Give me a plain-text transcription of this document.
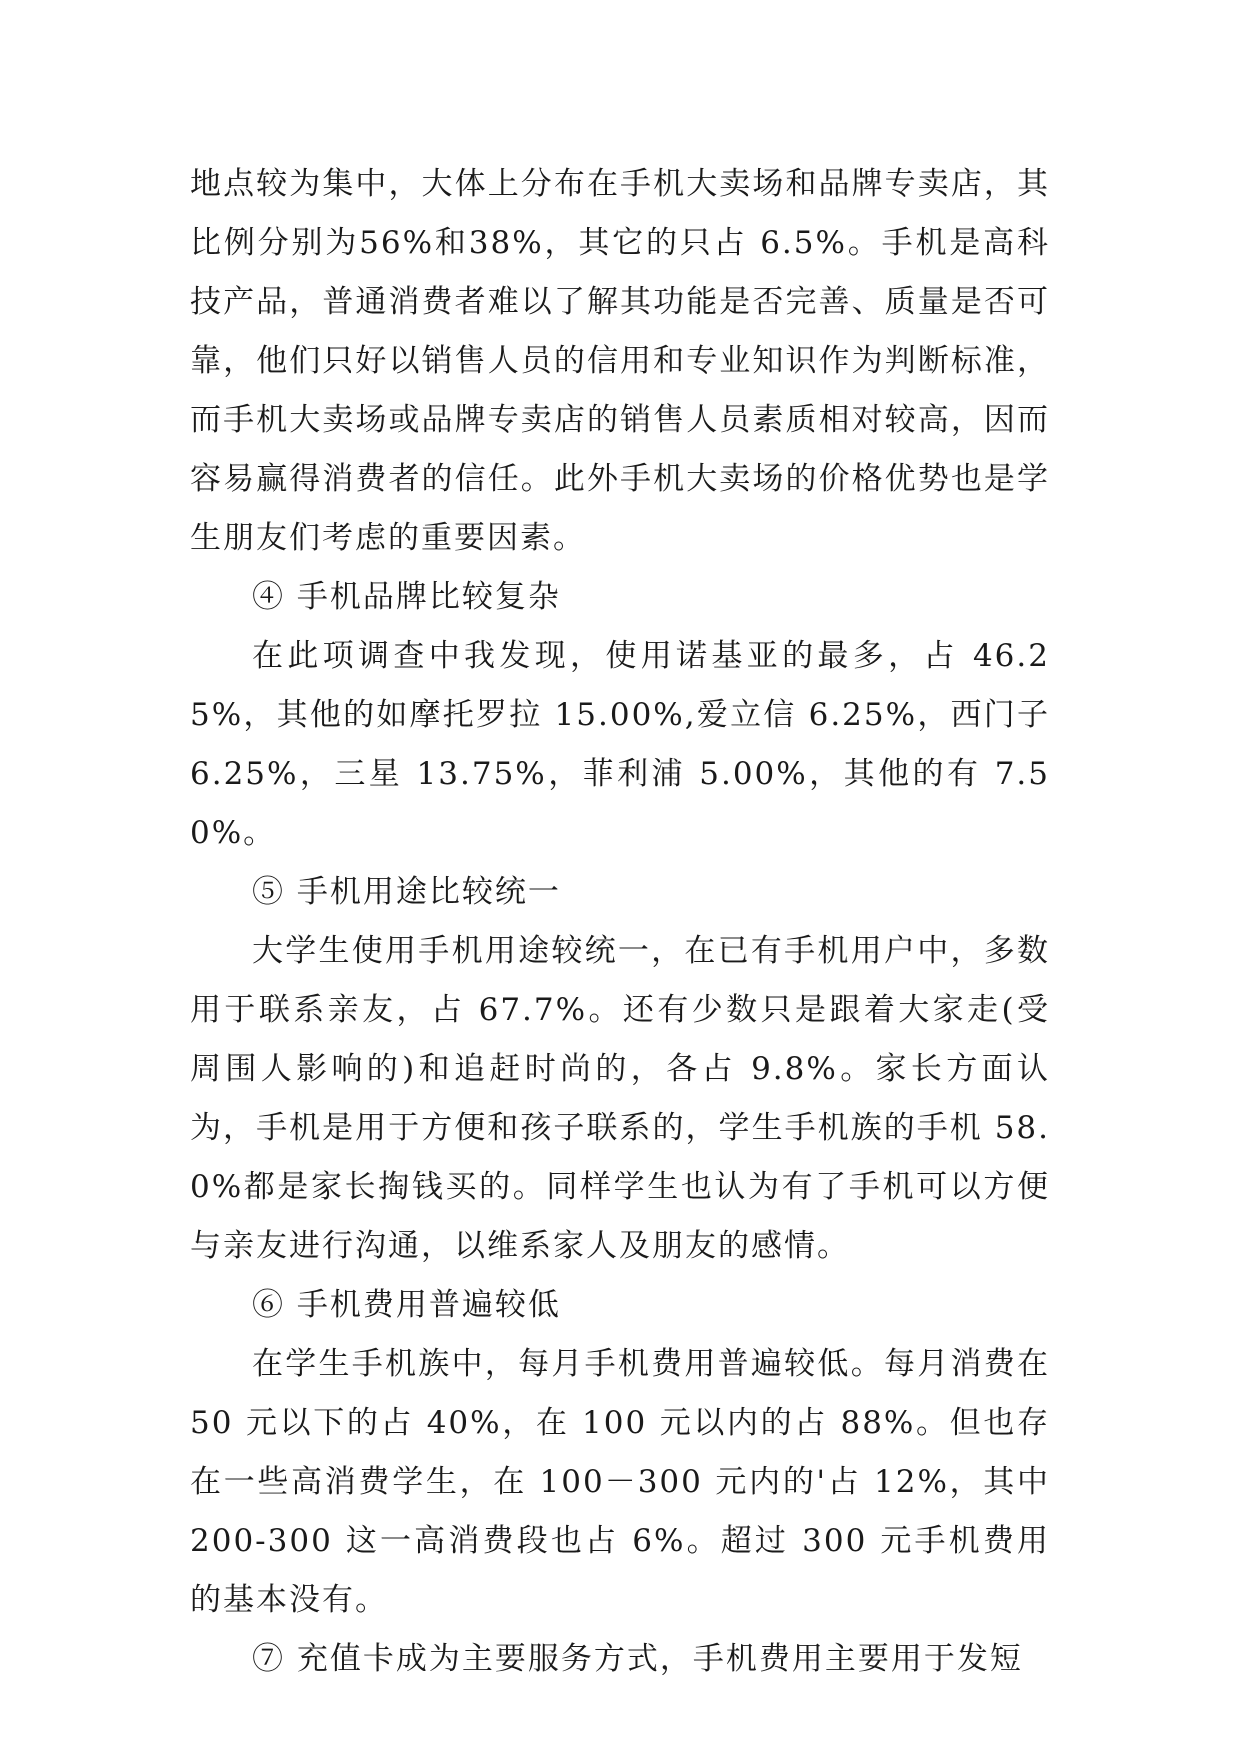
地点较为集中，大体上分布在手机大卖场和品牌专卖店，其比例分别为56%和38%，其它的只占 6.5%。手机是高科技产品，普通消费者难以了解其功能是否完善、质量是否可靠，他们只好以销售人员的信用和专业知识作为判断标准，而手机大卖场或品牌专卖店的销售人员素质相对较高，因而容易赢得消费者的信任。此外手机大卖场的价格优势也是学生朋友们考虑的重要因素。

④ 手机品牌比较复杂

在此项调查中我发现，使用诺基亚的最多，占 46.25%，其他的如摩托罗拉 15.00%,爱立信 6.25%，西门子 6.25%，三星 13.75%，菲利浦 5.00%，其他的有 7.50%。

⑤ 手机用途比较统一

大学生使用手机用途较统一，在已有手机用户中，多数用于联系亲友，占 67.7%。还有少数只是跟着大家走(受周围人影响的)和追赶时尚的，各占 9.8%。家长方面认为，手机是用于方便和孩子联系的，学生手机族的手机 58.0%都是家长掏钱买的。同样学生也认为有了手机可以方便与亲友进行沟通，以维系家人及朋友的感情。

⑥ 手机费用普遍较低

在学生手机族中，每月手机费用普遍较低。每月消费在 50 元以下的占 40%，在 100 元以内的占 88%。但也存在一些高消费学生，在 100－300 元内的'占 12%，其中 200-300 这一高消费段也占 6%。超过 300 元手机费用的基本没有。

⑦ 充值卡成为主要服务方式，手机费用主要用于发短
